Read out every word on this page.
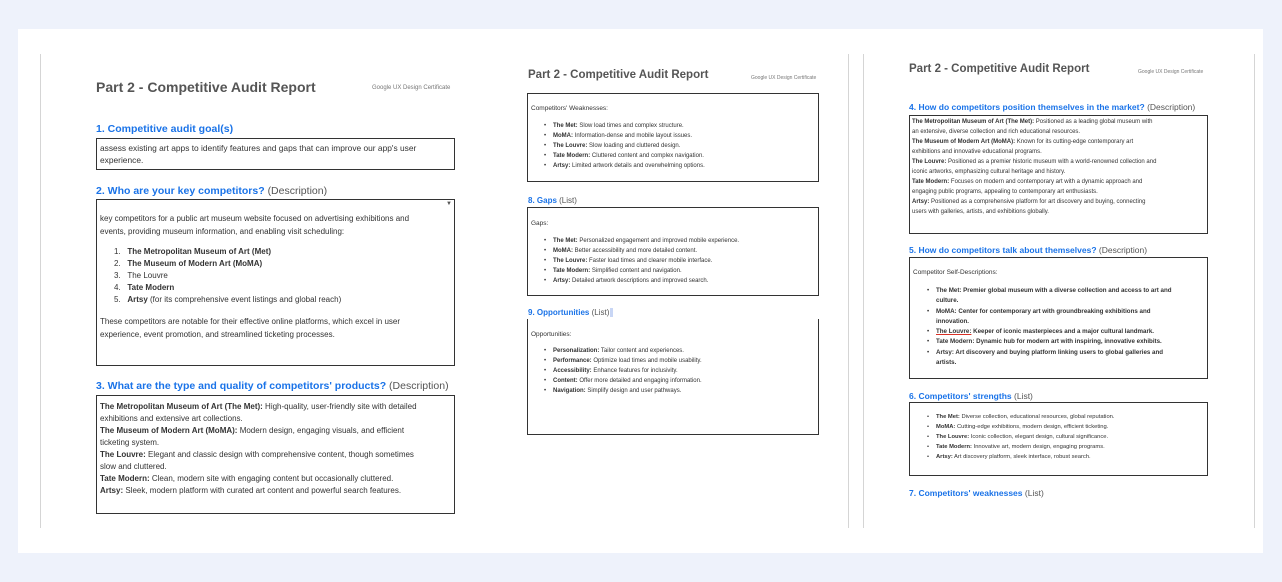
Part 2 - Competitive Audit Report	Google UX Design Certificate
1. Competitive audit goal(s)
assess existing art apps to identify features and gaps that can improve our app's user
experience.
2. Who are your key competitors? (Description)
▼
key competitors for a public art museum website focused on advertising exhibitions and
events, providing museum information, and enabling visit scheduling:
1. The Metropolitan Museum of Art (Met)
2. The Museum of Modern Art (MoMA)
3. The Louvre
4. Tate Modern
5. Artsy (for its comprehensive event listings and global reach)
These competitors are notable for their effective online platforms, which excel in user
experience, event promotion, and streamlined ticketing processes.
3. What are the type and quality of competitors' products? (Description)
The Metropolitan Museum of Art (The Met): High-quality, user-friendly site with detailed
exhibitions and extensive art collections.
The Museum of Modern Art (MoMA): Modern design, engaging visuals, and efficient
ticketing system.
The Louvre: Elegant and classic design with comprehensive content, though sometimes
slow and cluttered.
Tate Modern: Clean, modern site with engaging content but occasionally cluttered.
Artsy: Sleek, modern platform with curated art content and powerful search features.
Part 2 - Competitive Audit Report	Google UX Design Certificate
Competitors' Weaknesses:
• The Met: Slow load times and complex structure.
• MoMA: Information-dense and mobile layout issues.
• The Louvre: Slow loading and cluttered design.
• Tate Modern: Cluttered content and complex navigation.
• Artsy: Limited artwork details and overwhelming options.
8. Gaps (List)
Gaps:
• The Met: Personalized engagement and improved mobile experience.
• MoMA: Better accessibility and more detailed content.
• The Louvre: Faster load times and clearer mobile interface.
• Tate Modern: Simplified content and navigation.
• Artsy: Detailed artwork descriptions and improved search.
9. Opportunities (List)
Opportunities:
• Personalization: Tailor content and experiences.
• Performance: Optimize load times and mobile usability.
• Accessibility: Enhance features for inclusivity.
• Content: Offer more detailed and engaging information.
• Navigation: Simplify design and user pathways.
Part 2 - Competitive Audit Report	Google UX Design Certificate
4. How do competitors position themselves in the market? (Description)
The Metropolitan Museum of Art (The Met): Positioned as a leading global museum with
an extensive, diverse collection and rich educational resources.
The Museum of Modern Art (MoMA): Known for its cutting-edge contemporary art
exhibitions and innovative educational programs.
The Louvre: Positioned as a premier historic museum with a world-renowned collection and
iconic artworks, emphasizing cultural heritage and history.
Tate Modern: Focuses on modern and contemporary art with a dynamic approach and
engaging public programs, appealing to contemporary art enthusiasts.
Artsy: Positioned as a comprehensive platform for art discovery and buying, connecting
users with galleries, artists, and exhibitions globally.
5. How do competitors talk about themselves? (Description)
Competitor Self-Descriptions:
• The Met: Premier global museum with a diverse collection and access to art and
culture.
• MoMA: Center for contemporary art with groundbreaking exhibitions and
innovation.
• The Louvre: Keeper of iconic masterpieces and a major cultural landmark.
• Tate Modern: Dynamic hub for modern art with inspiring, innovative exhibits.
• Artsy: Art discovery and buying platform linking users to global galleries and
artists.
6. Competitors' strengths (List)
• The Met: Diverse collection, educational resources, global reputation.
• MoMA: Cutting-edge exhibitions, modern design, efficient ticketing.
• The Louvre: Iconic collection, elegant design, cultural significance.
• Tate Modern: Innovative art, modern design, engaging programs.
• Artsy: Art discovery platform, sleek interface, robust search.
7. Competitors' weaknesses (List)
